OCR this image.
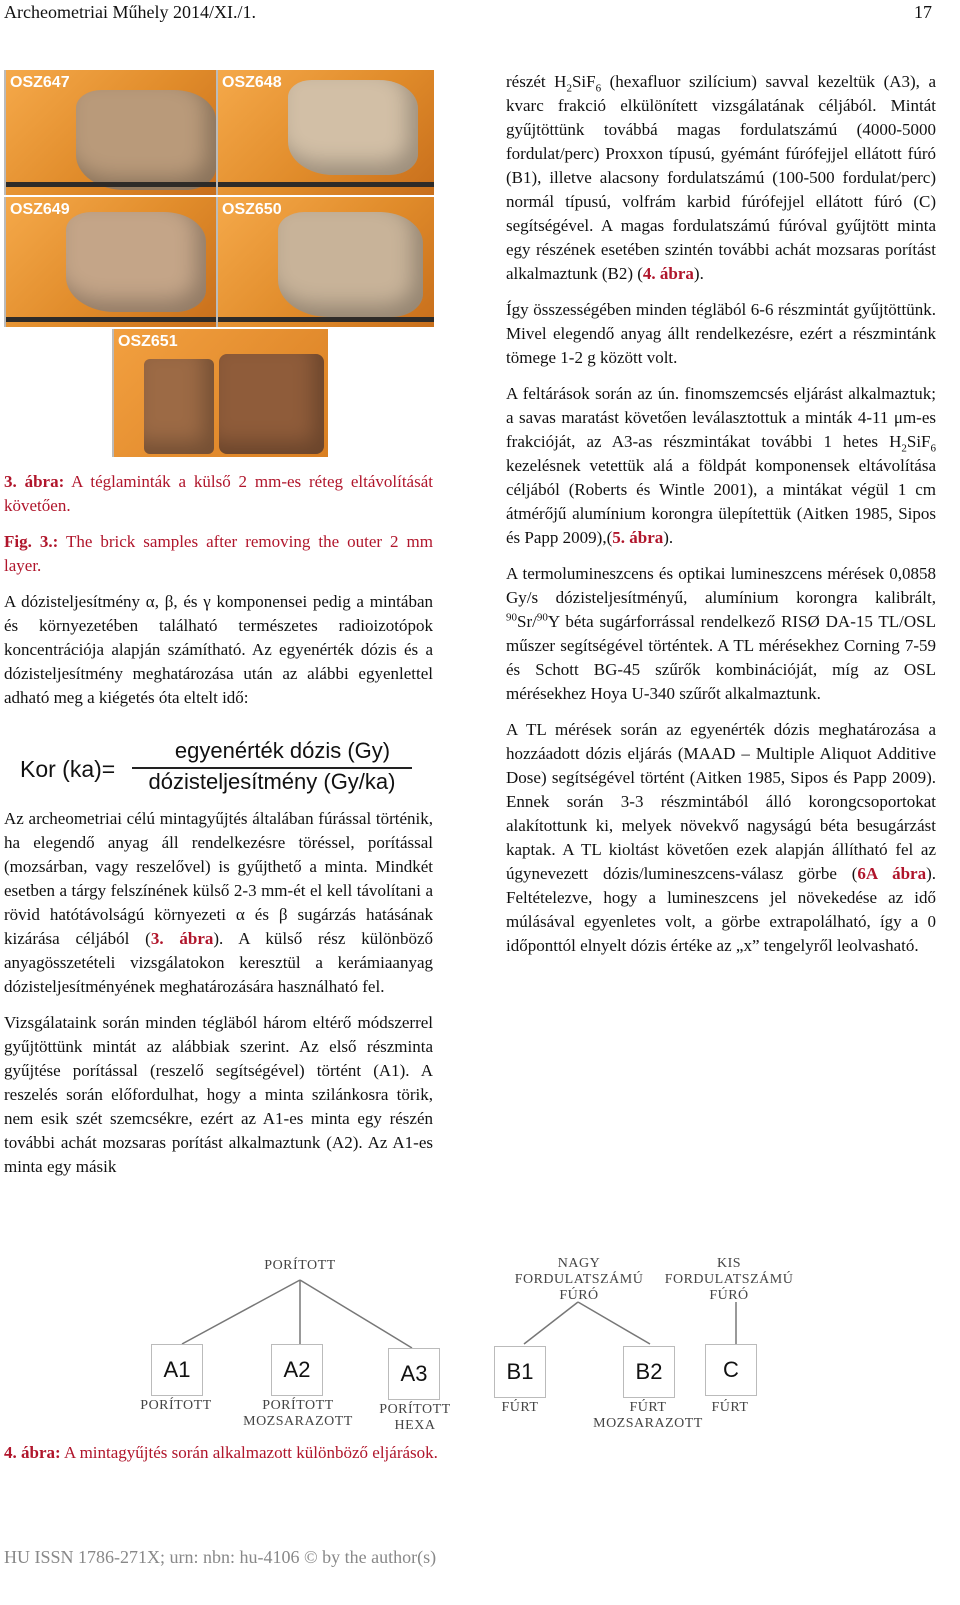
Archeometriai Műhely 2014/XI./1.	17
OSZ647	OSZ648
OSZ649	OSZ650
OSZ651

3. ábra: A téglaminták a külső 2 mm-es réteg eltávolítását követően.

Fig. 3.: The brick samples after removing the outer 2 mm layer.

A dózisteljesítmény α, β, és γ komponensei pedig a mintában és környezetében található természetes radioizotópok koncentrációja alapján számítható. Az egyenérték dózis és a dózisteljesítmény meghatározása után az alábbi egyenlettel adható meg a kiégetés óta eltelt idő:

Kor (ka)=
egyenérték dózis (Gy)
dózisteljesítmény (Gy/ka)

Az archeometriai célú mintagyűjtés általában fúrással történik, ha elegendő anyag áll rendelkezésre töréssel, porítással (mozsárban, vagy reszelővel) is gyűjthető a minta. Mindkét esetben a tárgy felszínének külső 2-3 mm-ét el kell távolítani a rövid hatótávolságú környezeti α és β sugárzás hatásának kizárása céljából (3. ábra). A külső rész különböző anyagösszetételi vizsgálatokon keresztül a kerámiaanyag dózisteljesítményének meghatározására használható fel.

Vizsgálataink során minden tégläból három eltérő módszerrel gyűjtöttünk mintát az alábbiak szerint. Az első részminta gyűjtése porítással (reszelő segítségével) történt (A1). A reszelés során előfordulhat, hogy a minta szilánkosra törik, nem esik szét szemcsékre, ezért az A1-es minta egy részén további achát mozsaras porítást alkalmaztunk (A2). Az A1-es minta egy másik

részét $H_2SiF_6$ (hexafluor szilícium) savval kezeltük (A3), a kvarc frakció elkülönített vizsgálatának céljából. Mintát gyűjtöttünk továbbá magas fordulatszámú (4000-5000 fordulat/perc) Proxxon típusú, gyémánt fúrófejjel ellátott fúró (B1), illetve alacsony fordulatszámú (100-500 fordulat/perc) normál típusú, volfrám karbid fúrófejjel ellátott fúró (C) segítségével. A magas fordulatszámú fúróval gyűjtött minta egy részének esetében szintén további achát mozsaras porítást alkalmaztunk (B2) (4. ábra).

Így összességében minden tégläból 6-6 részmintát gyűjtöttünk. Mivel elegendő anyag állt rendelkezésre, ezért a részmintánk tömege 1-2 g között volt.

A feltárások során az ún. finomszemcsés eljárást alkalmaztuk; a savas maratást követően leválasztottuk a minták 4-11 μm-es frakcióját, az A3-as részmintákat további 1 hetes $H_2SiF_6$ kezelésnek vetettük alá a földpát komponensek eltávolítása céljából (Roberts és Wintle 2001), a mintákat végül 1 cm átmérőjű alumínium korongra ülepítettük (Aitken 1985, Sipos és Papp 2009),(5. ábra).

A termolumineszcens és optikai lumineszcens mérések 0,0858 Gy/s dózisteljesítményű, alumínium korongra kalibrált, $^{90}$Sr/$^{90}$Y béta sugárforrással rendelkező RISØ DA-15 TL/OSL műszer segítségével történtek. A TL mérésekhez Corning 7-59 és Schott BG-45 szűrők kombinációját, míg az OSL mérésekhez Hoya U-340 szűrőt alkalmaztunk.

A TL mérések során az egyenérték dózis meghatározása a hozzáadott dózis eljárás (MAAD – Multiple Aliquot Additive Dose) segítségével történt (Aitken 1985, Sipos és Papp 2009). Ennek során 3-3 részmintából álló korongcsoportokat alakítottunk ki, melyek növekvő nagyságú béta besugárzást kaptak. A TL kioltást követően ezek alapján állítható fel az úgynevezett dózis/lumineszcens-válasz görbe (6A ábra). Feltételezve, hogy a lumineszcens jel növekedése az idő múlásával egyenletes volt, a görbe extrapolálható, így a 0 időponttól elnyelt dózis értéke az „x” tengelyről leolvasható.

PORÍTOTT	NAGY FORDULATSZÁMÚ FÚRÓ
KIS FORDULATSZÁMÚ FÚRÓ
A1	A2	A3	B1	B2	C
PORÍTOTT	PORÍTOTT MOZSARAZOTT
PORÍTOTT HEXA
FÚRT	FÚRT MOZSARAZOTT
FÚRT
4. ábra: A mintagyűjtés során alkalmazott különböző eljárások.
HU ISSN 1786-271X; urn: nbn: hu-4106 © by the author(s)
